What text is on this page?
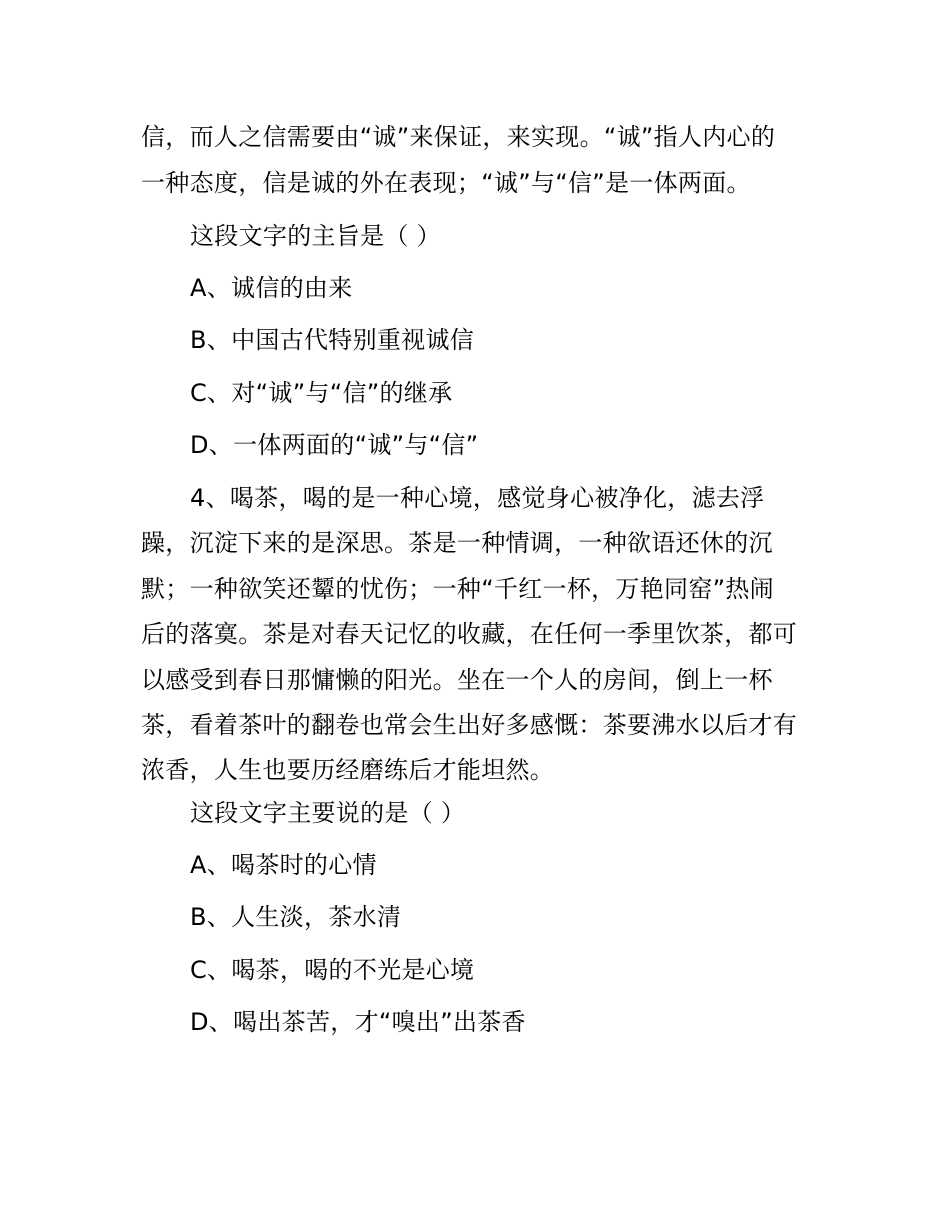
信，而人之信需要由“诚”来保证，来实现。“诚”指人内心的
一种态度，信是诚的外在表现；“诚”与“信”是一体两面。
这段文字的主旨是（ ）
A、诚信的由来
B、中国古代特别重视诚信
C、对“诚”与“信”的继承
D、一体两面的“诚”与“信”
4、喝茶，喝的是一种心境，感觉身心被净化，滤去浮
躁，沉淀下来的是深思。茶是一种情调，一种欲语还休的沉
默；一种欲笑还颦的忧伤；一种“千红一杯，万艳同窑”热闹
后的落寞。茶是对春天记忆的收藏，在任何一季里饮茶，都可
以感受到春日那慵懒的阳光。坐在一个人的房间，倒上一杯
茶，看着茶叶的翻卷也常会生出好多感慨：茶要沸水以后才有
浓香，人生也要历经磨练后才能坦然。
这段文字主要说的是（ ）
A、喝茶时的心情
B、人生淡，茶水清
C、喝茶，喝的不光是心境
D、喝出茶苦，才“嗅出”出茶香
